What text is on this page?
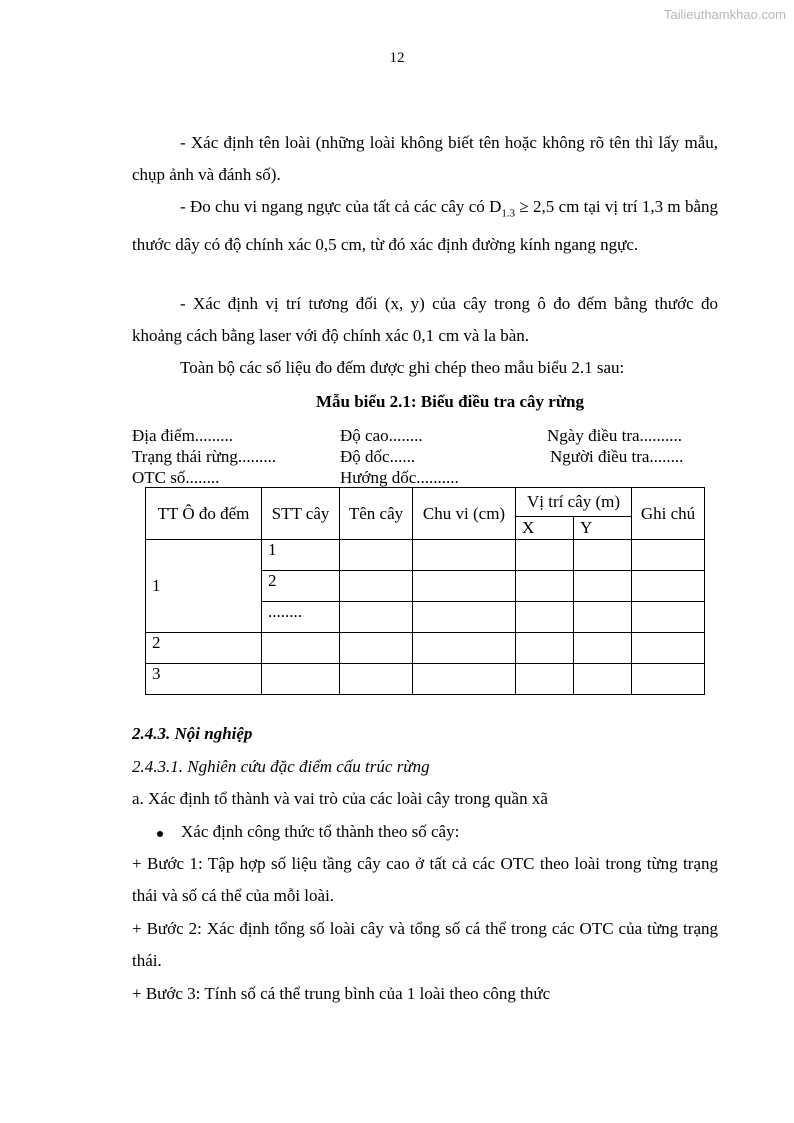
Tailieuthamkhao.com
12
- Xác định tên loài (những loài không biết tên hoặc không rõ tên thì lấy mẫu, chụp ảnh và đánh số).
- Đo chu vi ngang ngực của tất cả các cây có $D_{1.3} \ge 2,5$ cm tại vị trí 1,3 m bằng thước dây có độ chính xác 0,5 cm, từ đó xác định đường kính ngang ngực.
- Xác định vị trí tương đối (x, y) của cây trong ô đo đếm bằng thước đo khoảng cách bằng laser với độ chính xác 0,1 cm và la bàn.
Toàn bộ các số liệu đo đếm được ghi chép theo mẫu biểu 2.1 sau:
Mẫu biểu 2.1: Biểu điều tra cây rừng
Địa điểm.........	Độ cao........	Ngày điều tra..........
Trạng thái rừng.........	Độ dốc......	Người điều tra........
OTC số........	Hướng dốc..........
TT Ô đo đếm	STT cây	Tên cây	Chu vi (cm)	Vị trí cây (m)		Ghi chú
				X	Y	
1	1					
	2					
	........					
2						
3						
2.4.3. Nội nghiệp
2.4.3.1. Nghiên cứu đặc điểm cấu trúc rừng
a. Xác định tổ thành và vai trò của các loài cây trong quần xã
Xác định công thức tổ thành theo số cây:
+ Bước 1: Tập hợp số liệu tầng cây cao ở tất cả các OTC theo loài trong từng trạng thái và số cá thể của mỗi loài.
+ Bước 2: Xác định tổng số loài cây và tổng số cá thể trong các OTC của từng trạng thái.
+ Bước 3: Tính số cá thể trung bình của 1 loài theo công thức
